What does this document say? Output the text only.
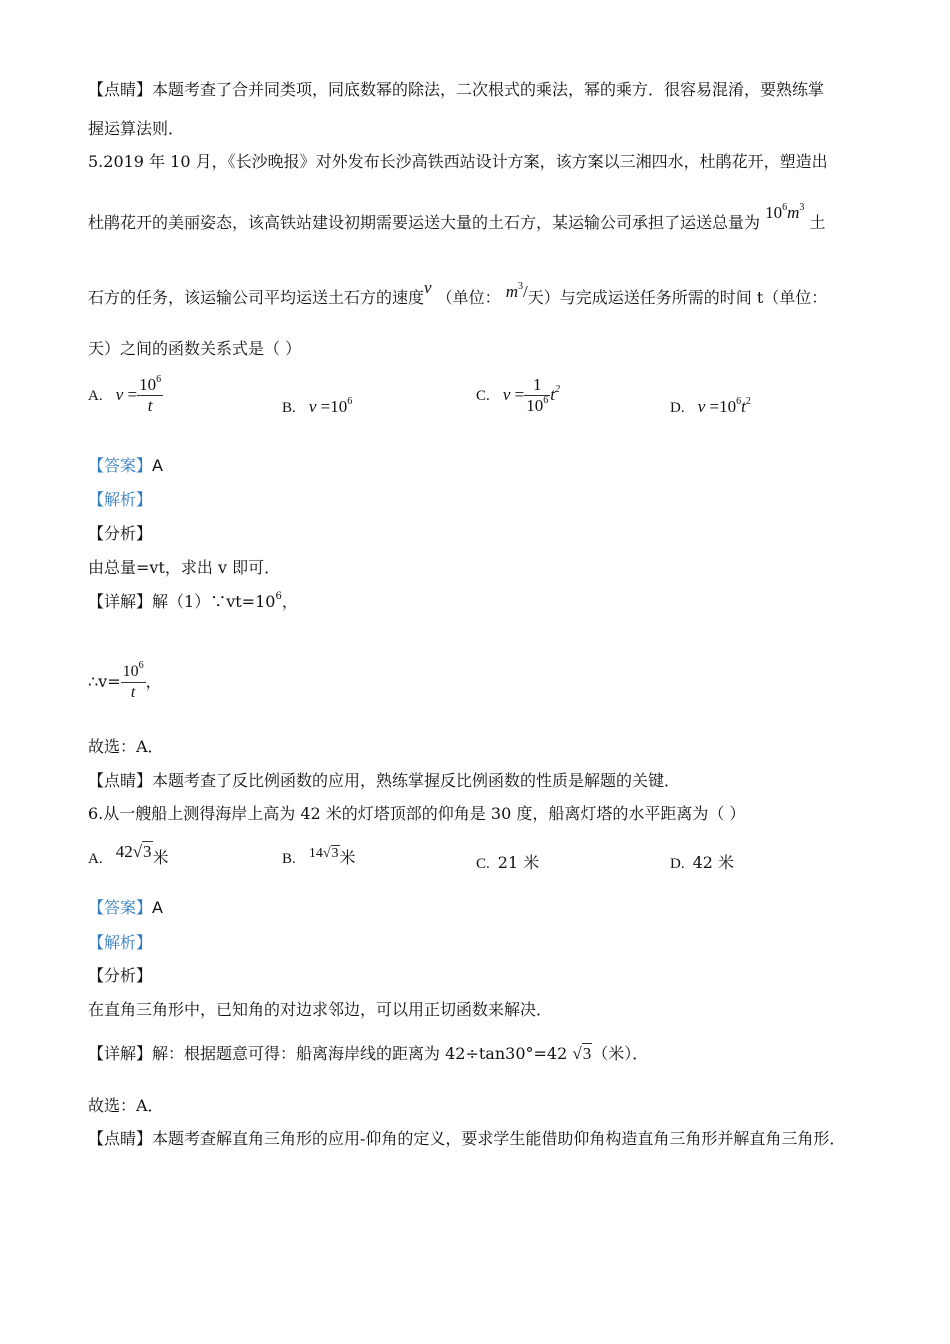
【点睛】本题考查了合并同类项，同底数幂的除法，二次根式的乘法，幂的乘方．很容易混淆，要熟练掌
握运算法则．
5.2019 年 10 月，《长沙晚报》对外发布长沙高铁西站设计方案，该方案以三湘四水，杜鹃花开，塑造出
杜鹃花开的美丽姿态，该高铁站建设初期需要运送大量的土石方，某运输公司承担了运送总量为 $10^6m^3$ 土
石方的任务，该运输公司平均运送土石方的速度v （单位： $m^3/$天）与完成运送任务所需的时间 t（单位：
天）之间的函数关系式是（ ）
A. $v = \frac{10^6}{t}$	B. $v =10^6$	C. $v = \frac{1}{10^6} t^2$
D. $v =10^6t^2$
【答案】A
【解析】
【分析】
由总量=vt，求出 v 即可．
【详解】解$(1)\because vt=10^6$，
∴v= $\frac{10^6}{t}$ ，
故选：A．
【点睛】本题考查了反比例函数的应用，熟练掌握反比例函数的性质是解题的关键．
6.从一艘船上测得海岸上高为 42 米的灯塔顶部的仰角是 30 度，船离灯塔的水平距离为（ ）
A. 42√3米	B. 14√3米	C. 21 米	D. 42 米
【答案】A
【解析】
【分析】
在直角三角形中，已知角的对边求邻边，可以用正切函数来解决．
【详解】解：根据题意可得：船离海岸线的距离为 42÷tan30°=42 √3（米）．
故选：A．
【点睛】本题考查解直角三角形的应用-仰角的定义，要求学生能借助仰角构造直角三角形并解直角三角形．
